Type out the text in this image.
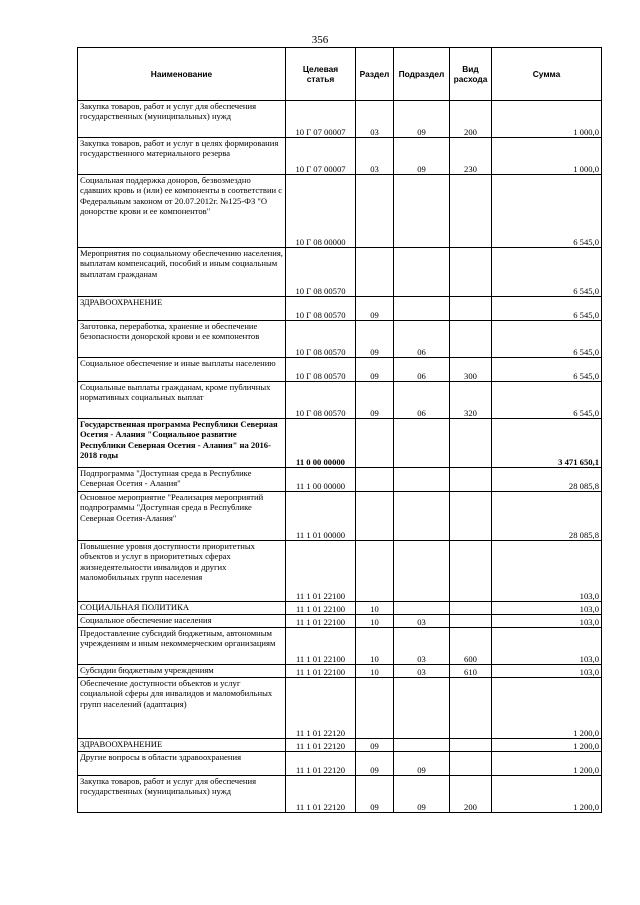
356
Наименование	Целевая статья	Раздел	Подраздел	Вид расхода	Сумма
Закупка товаров, работ и услуг для обеспечения государственных (муниципальных) нужд	10 Г 07 00007	03	09	200	1 000,0
Закупка товаров, работ и услуг в целях формирования государственного материального резерва	10 Г 07 00007	03	09	230	1 000,0
Социальная поддержка доноров, безвозмездно сдавших кровь и (или) ее компоненты в соответствии с Федеральным законом от 20.07.2012г. №125-ФЗ "О донорстве крови и ее компонентов"	10 Г 08 00000				6 545,0
Мероприятия по социальному обеспечению населения, выплатам компенсаций, пособий и иным социальным выплатам гражданам	10 Г 08 00570				6 545,0
ЗДРАВООХРАНЕНИЕ	10 Г 08 00570	09			6 545,0
Заготовка, переработка, хранение и обеспечение безопасности донорской крови и ее компонентов	10 Г 08 00570	09	06		6 545,0
Социальное обеспечение и иные выплаты населению	10 Г 08 00570	09	06	300	6 545,0
Социальные выплаты гражданам, кроме публичных нормативных социальных выплат	10 Г 08 00570	09	06	320	6 545,0
Государственная программа Республики Северная Осетия - Алания "Социальное развитие Республики Северная Осетия - Алания" на 2016-2018 годы	11 0 00 00000				3 471 650,1
Подпрограмма "Доступная среда в Республике Северная Осетия - Алания"	11 1 00 00000				28 085,8
Основное мероприятие "Реализация мероприятий подпрограммы "Доступная среда в Республике Северная Осетия-Алания"	11 1 01 00000				28 085,8
Повышение уровня доступности приоритетных объектов и услуг в приоритетных сферах жизнедеятельности инвалидов и других маломобильных групп населения	11 1 01 22100				103,0
СОЦИАЛЬНАЯ ПОЛИТИКА	11 1 01 22100	10			103,0
Социальное обеспечение населения	11 1 01 22100	10	03		103,0
Предоставление субсидий бюджетным, автономным учреждениям и иным некоммерческим организациям	11 1 01 22100	10	03	600	103,0
Субсидии бюджетным учреждениям	11 1 01 22100	10	03	610	103,0
Обеспечение доступности объектов и услуг социальной сферы для инвалидов и маломобильных групп населений (адаптация)	11 1 01 22120				1 200,0
ЗДРАВООХРАНЕНИЕ	11 1 01 22120	09			1 200,0
Другие вопросы в области здравоохранения	11 1 01 22120	09	09		1 200,0
Закупка товаров, работ и услуг для обеспечения государственных (муниципальных) нужд	11 1 01 22120	09	09	200	1 200,0
